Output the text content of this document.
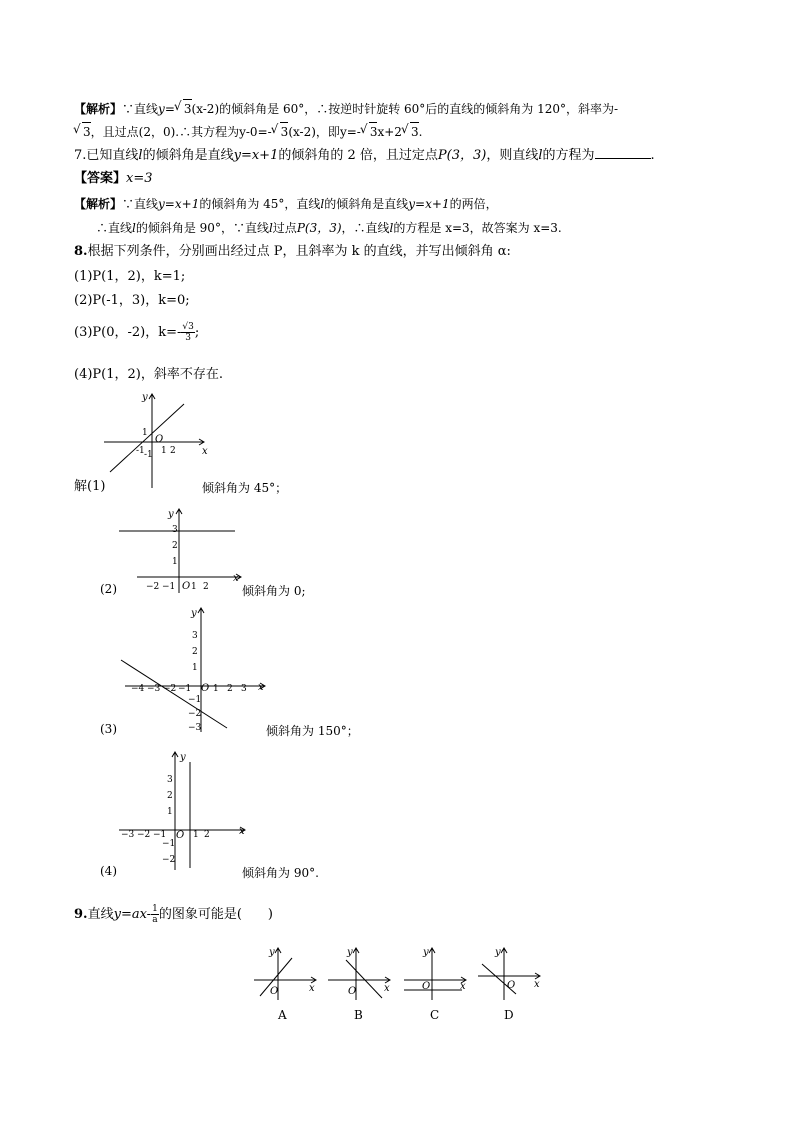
【解析】∵直线y= √ 3(x-2)的倾斜角是 60°，∴按逆时针旋转 60°后的直线的倾斜角为 120°，斜率为-
√ 3，且过点(2，0).∴其方程为y-0=- √ 3(x-2)，即y=- √ 3x+2 √ 3.
7.已知直线l的倾斜角是直线y=x+1的倾斜角的 2 倍，且过定点P(3，3)，则直线l的方程为	.
【答案】x=3
【解析】∵直线y=x+1的倾斜角为 45°，直线l的倾斜角是直线y=x+1的两倍，
∴直线l的倾斜角是 90°，∵直线l过点P(3，3)，∴直线l的方程是 x=3，故答案为 x=3.
8.根据下列条件，分别画出经过点 P，且斜率为 k 的直线，并写出倾斜角 α:
(1)P(1，2)，k=1;
(2)P(-1，3)，k=0;
(3)P(0，-2)，$k=- \frac{√3}{3}$ ;
(4)P(1，2)，斜率不存在.
y
x
O
1
-1 1 2
-1
解(1)	倾斜角为 45°；
y
x
O
3
2
1
−2 −1 1 2
(2)	倾斜角为 0;
y
x
O
3
2
1
−1
−2
−3
−4 −3 −2 −1 1 2 3
(3)	倾斜角为 150°；
y
x
O
3
2
1
−1
−2
−3 −2 −1	1 2
(4)	倾斜角为 90°.
9.直线$y=ax- \frac{1}{a}$ 的图象可能是(　　)
y
x
O
A
y
x
O
B
y
x
O
C
y
x
O
D
